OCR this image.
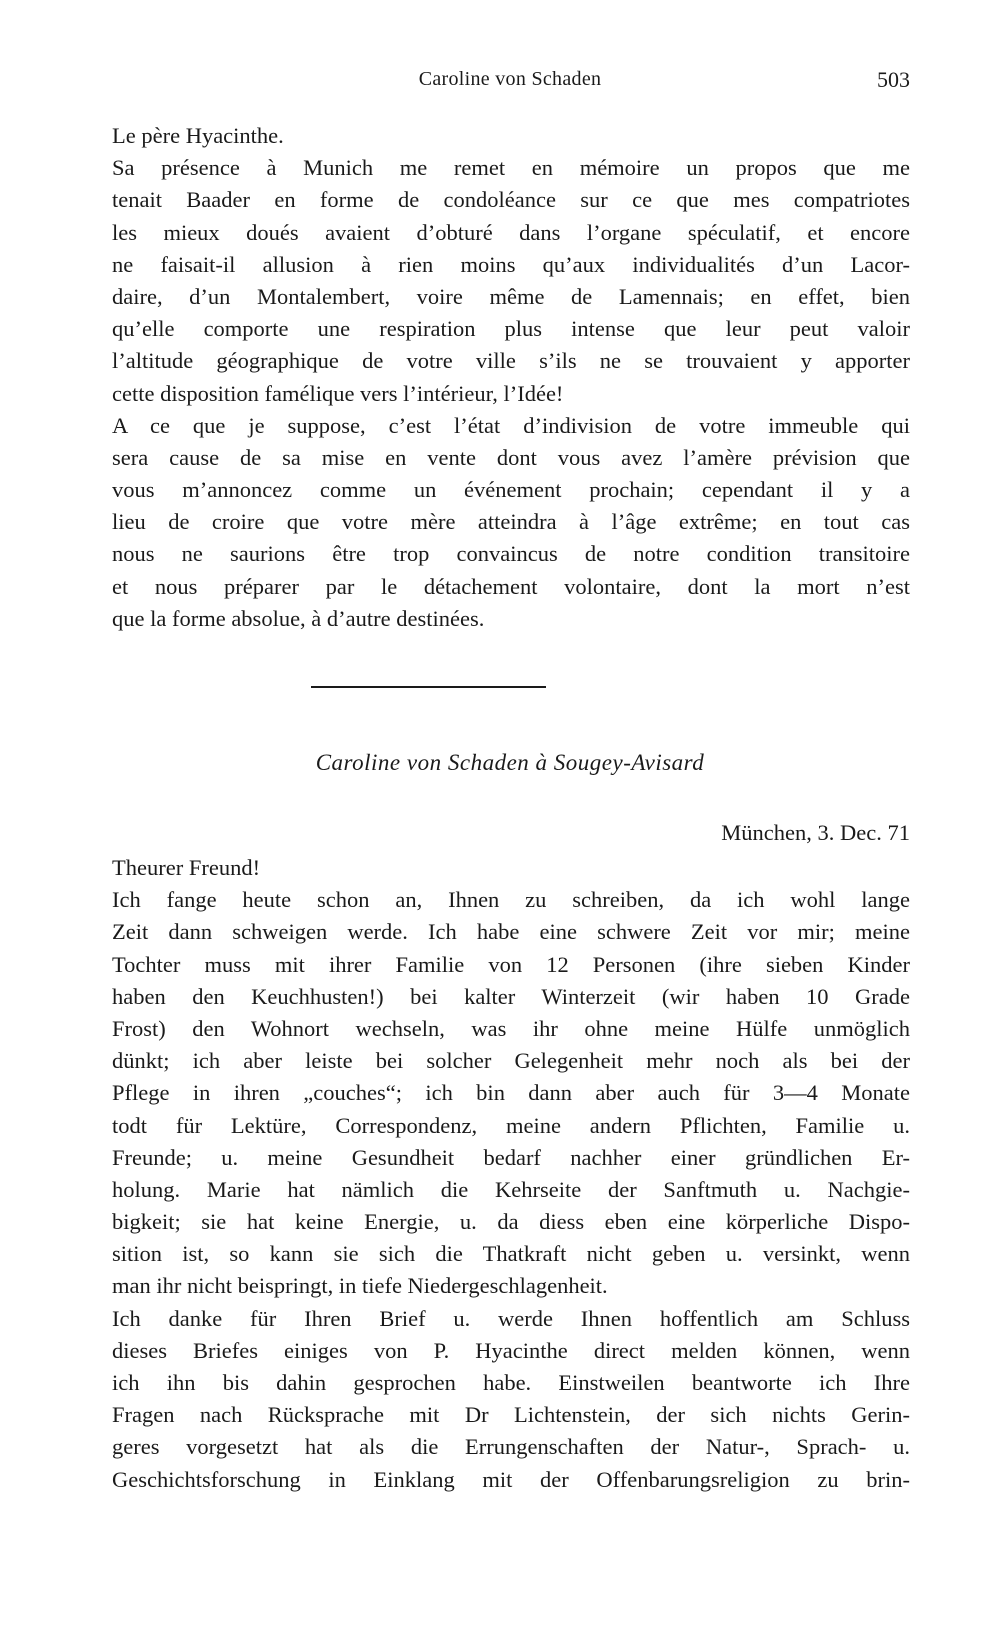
Caroline von Schaden	503
Le père Hyacinthe.
Sa présence à Munich me remet en mémoire un propos que me
tenait Baader en forme de condoléance sur ce que mes compatriotes
les mieux doués avaient d’obturé dans l’organe spéculatif, et encore
ne faisait-il allusion à rien moins qu’aux individualités d’un Lacor-
daire, d’un Montalembert, voire même de Lamennais; en effet, bien
qu’elle comporte une respiration plus intense que leur peut valoir
l’altitude géographique de votre ville s’ils ne se trouvaient y apporter
cette disposition famélique vers l’intérieur, l’Idée!
A ce que je suppose, c’est l’état d’indivision de votre immeuble qui
sera cause de sa mise en vente dont vous avez l’amère prévision que
vous m’annoncez comme un événement prochain; cependant il y a
lieu de croire que votre mère atteindra à l’âge extrême; en tout cas
nous ne saurions être trop convaincus de notre condition transitoire
et nous préparer par le détachement volontaire, dont la mort n’est
que la forme absolue, à d’autre destinées.
Caroline von Schaden à Sougey-Avisard
München, 3. Dec. 71
Theurer Freund!
Ich fange heute schon an, Ihnen zu schreiben, da ich wohl lange
Zeit dann schweigen werde. Ich habe eine schwere Zeit vor mir; meine
Tochter muss mit ihrer Familie von 12 Personen (ihre sieben Kinder
haben den Keuchhusten!) bei kalter Winterzeit (wir haben 10 Grade
Frost) den Wohnort wechseln, was ihr ohne meine Hülfe unmöglich
dünkt; ich aber leiste bei solcher Gelegenheit mehr noch als bei der
Pflege in ihren „couches“; ich bin dann aber auch für 3—4 Monate
todt für Lektüre, Correspondenz, meine andern Pflichten, Familie u.
Freunde; u. meine Gesundheit bedarf nachher einer gründlichen Er-
holung. Marie hat nämlich die Kehrseite der Sanftmuth u. Nachgie-
bigkeit; sie hat keine Energie, u. da diess eben eine körperliche Dispo-
sition ist, so kann sie sich die Thatkraft nicht geben u. versinkt, wenn
man ihr nicht beispringt, in tiefe Niedergeschlagenheit.
Ich danke für Ihren Brief u. werde Ihnen hoffentlich am Schluss
dieses Briefes einiges von P. Hyacinthe direct melden können, wenn
ich ihn bis dahin gesprochen habe. Einstweilen beantworte ich Ihre
Fragen nach Rücksprache mit Dr Lichtenstein, der sich nichts Gerin-
geres vorgesetzt hat als die Errungenschaften der Natur-, Sprach- u.
Geschichtsforschung in Einklang mit der Offenbarungsreligion zu brin-
